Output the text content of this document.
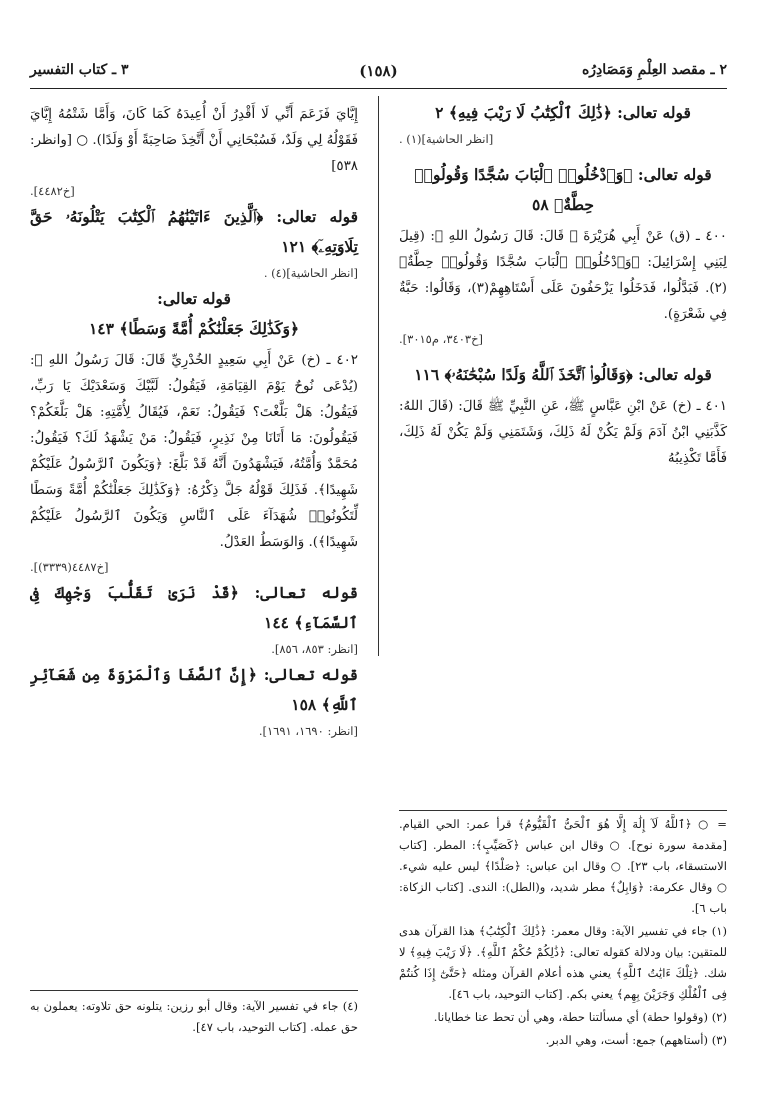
٢ ـ مقصد العِلْمِ وَمَصَادِرُه
(١٥٨)
٣ ـ كتاب التفسير
قوله تعالى: ﴿ذَٰلِكَ ٱلْكِتَٰبُ لَا رَيْبَ فِيهِ﴾ ٢
[انظر الحاشية](١) .
قوله تعالى: ﴿وَٱدْخُلُوا۟ ٱلْبَابَ سُجَّدًا وَقُولُوا۟ حِطَّةٌ﴾ ٥٨
٤٠٠ ـ (ق) عَنْ أَبِي هُرَيْرَةَ ﷺ قَالَ: قَالَ رَسُولُ اللهِ ﷺ: (قِيلَ لِبَنِي إِسْرَائِيلَ: ﴿وَٱدْخُلُوا۟ ٱلْبَابَ سُجَّدًا وَقُولُوا۟ حِطَّةٌ﴾(٢). فَبَدَّلُوا، فَدَخَلُوا يَزْحَفُونَ عَلَى أَسْتَاهِهِمْ(٣)، وَقَالُوا: حَبَّةٌ فِي شَعْرَةٍ).
[خ٣٤٠٣، م٣٠١٥].
قوله تعالى: ﴿وَقَالُوا۟ ٱتَّخَذَ ٱللَّهُ وَلَدًا سُبْحَٰنَهُۥ﴾ ١١٦
٤٠١ ـ (خ) عَنْ ابْنِ عَبَّاسٍ ﷺ، عَنِ النَّبِيِّ ﷺ قَالَ: (قَالَ اللهُ: كَذَّبَنِي ابْنُ آدَمَ وَلَمْ يَكُنْ لَهُ ذَلِكَ، وَشَتَمَنِي وَلَمْ يَكُنْ لَهُ ذَلِكَ، فَأَمَّا تَكْذِيبُهُ
إِيَّايَ فَزَعَمَ أَنِّي لَا أَقْدِرُ أَنْ أُعِيدَهُ كَمَا كَانَ، وَأَمَّا شَتْمُهُ إِيَّايَ فَقَوْلُهُ لِي وَلَدٌ، فَسُبْحَانِي أَنْ أَتَّخِذَ صَاحِبَةً أَوْ وَلَدًا). ○ [وانظر: ٥٣٨]
[خ٤٤٨٢].
قوله تعالى: ﴿ٱلَّذِينَ ءَاتَيْنَٰهُمُ ٱلْكِتَٰبَ يَتْلُونَهُۥ حَقَّ تِلَاوَتِهِۦٓ﴾ ١٢١
[انظر الحاشية](٤) .
قوله تعالى:
﴿وَكَذَٰلِكَ جَعَلْنَٰكُمْ أُمَّةً وَسَطًا﴾ ١٤٣
٤٠٢ ـ (خ) عَنْ أَبِي سَعِيدٍ الخُدْرِيِّ قَالَ: قَالَ رَسُولُ اللهِ ﷺ: (يُدْعَى نُوحٌ يَوْمَ القِيَامَةِ، فَيَقُولُ: لَبَّيْكَ وَسَعْدَيْكَ يَا رَبِّ، فَيَقُولُ: هَلْ بَلَّغْتَ؟ فَيَقُولُ: نَعَمْ، فَيُقَالُ لِأُمَّتِهِ: هَلْ بَلَّغَكُمْ؟ فَيَقُولُونَ: مَا أَتَانَا مِنْ نَذِيرٍ، فَيَقُولُ: مَنْ يَشْهَدُ لَكَ؟ فَيَقُولُ: مُحَمَّدٌ وَأُمَّتُهُ، فَيَشْهَدُونَ أَنَّهُ قَدْ بَلَّغَ: ﴿وَيَكُونَ ٱلرَّسُولُ عَلَيْكُمْ شَهِيدًا﴾. فَذَلِكَ قَوْلُهُ جَلَّ ذِكْرُهُ: ﴿وَكَذَٰلِكَ جَعَلْنَٰكُمْ أُمَّةً وَسَطًا لِّتَكُونُوا۟ شُهَدَآءَ عَلَى ٱلنَّاسِ وَيَكُونَ ٱلرَّسُولُ عَلَيْكُمْ شَهِيدًا﴾). وَالوَسَطُ العَدْلُ.
[خ٤٤٨٧(٣٣٣٩)].
قوله تعالى: ﴿قَدْ نَرَىٰ تَقَلُّبَ وَجْهِكَ فِى ٱلسَّمَآءِ﴾ ١٤٤
[انظر: ٨٥٣، ٨٥٦].
قوله تعالى: ﴿إِنَّ ٱلصَّفَا وَٱلْمَرْوَةَ مِن شَعَآئِرِ ٱللَّهِ﴾ ١٥٨
[انظر: ١٦٩٠، ١٦٩١].
= ○ ﴿ٱللَّهُ لَآ إِلَٰهَ إِلَّا هُوَ ٱلْحَىُّ ٱلْقَيُّومُ﴾ قرأ عمر: الحي القيام. [مقدمة سورة نوح]. ○ وقال ابن عباس ﴿كَصَيِّبٍ﴾: المطر. [كتاب الاستسقاء، باب ٢٣]. ○ وقال ابن عباس: ﴿صَلْدًا﴾ ليس عليه شيء. ○ وقال عكرمة: ﴿وَابِلٌ﴾ مطر شديد، و(الطل): الندى. [كتاب الزكاة: باب ٦].
(١) جاء في تفسير الآية: وقال معمر: ﴿ذَٰلِكَ ٱلْكِتَٰبُ﴾ هذا القرآن هدى للمتقين: بيان ودلالة كقوله تعالى: ﴿ذَٰلِكُمْ حُكْمُ ٱللَّهِ﴾. ﴿لَا رَيْبَ فِيهِ﴾ لا شك. ﴿تِلْكَ ءَايَٰتُ ٱللَّهِ﴾ يعني هذه أعلام القرآن ومثله ﴿حَتَّىٰٓ إِذَا كُنتُمْ فِى ٱلْفُلْكِ وَجَرَيْنَ بِهِم﴾ يعني بكم. [كتاب التوحيد، باب ٤٦].
(٢) (وقولوا حطة) أي مسألتنا حطة، وهي أن تحط عنا خطايانا.
(٣) (أستاههم) جمع: أست، وهي الدبر.
(٤) جاء في تفسير الآية: وقال أبو رزين: يتلونه حق تلاوته: يعملون به حق عمله. [كتاب التوحيد، باب ٤٧].
